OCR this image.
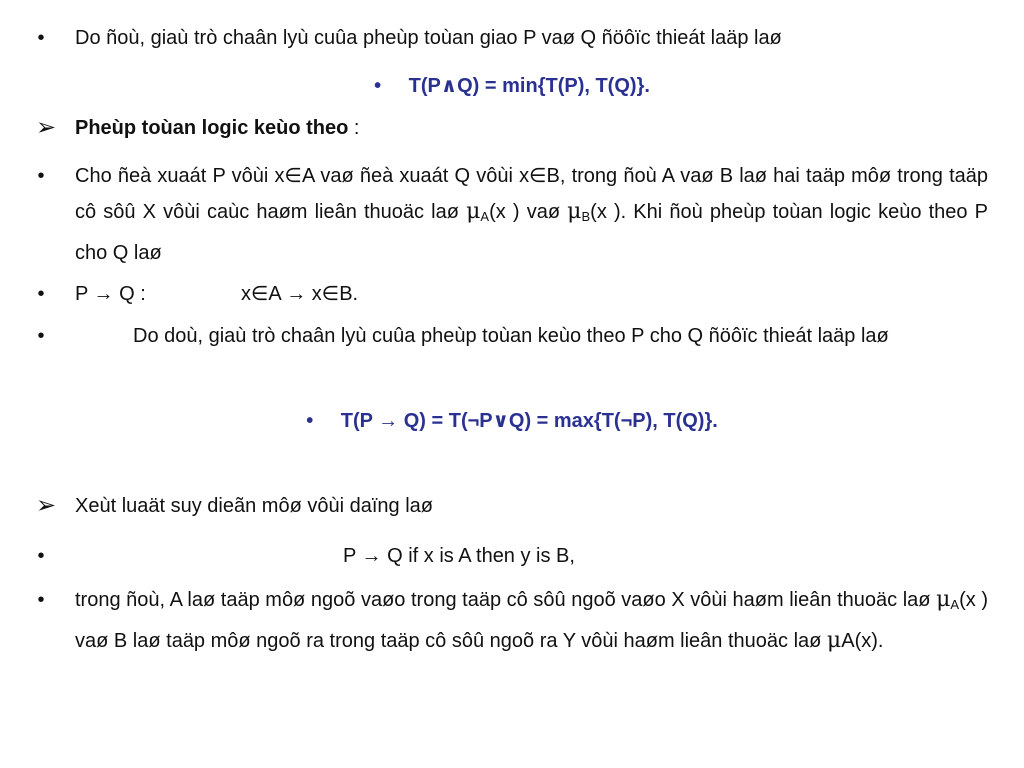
• Do ñoù, giaù trò chaân lyù cuûa pheùp toùan giao P vaø Q ñöôïc thieát laäp laø
• T(P∧Q) = min{T(P), T(Q)}.
➢ Pheùp toùan logic keùo theo :
• Cho ñeà xuaát P vôùi x∈A vaø ñeà xuaát Q vôùi x∈B, trong ñoù A vaø B laø hai taäp môø trong taäp cô sôû X vôùi caùc haøm lieân thuoäc laø $\mu_A(x$ ) vaø $\mu_B(x$ ). Khi ñoù pheùp toùan logic keùo theo P cho Q laø
• P → Q :	x∈A → x∈B.
•	Do doù, giaù trò chaân lyù cuûa pheùp toùan keùo theo P cho Q ñöôïc thieát laäp laø
• T(P → Q) = T(¬P∨Q) = max{T(¬P), T(Q)}.
➢ Xeùt luaät suy dieãn môø vôùi daïng laø
•	P → Q if x is A then y is B,
• trong ñoù, A laø taäp môø ngoõ vaøo trong taäp cô sôû ngoõ vaøo X vôùi haøm lieân thuoäc laø $\mu_A(x$ ) vaø B laø taäp môø ngoõ ra trong taäp cô sôû ngoõ ra Y vôùi haøm lieân thuoäc laø μA(x).
